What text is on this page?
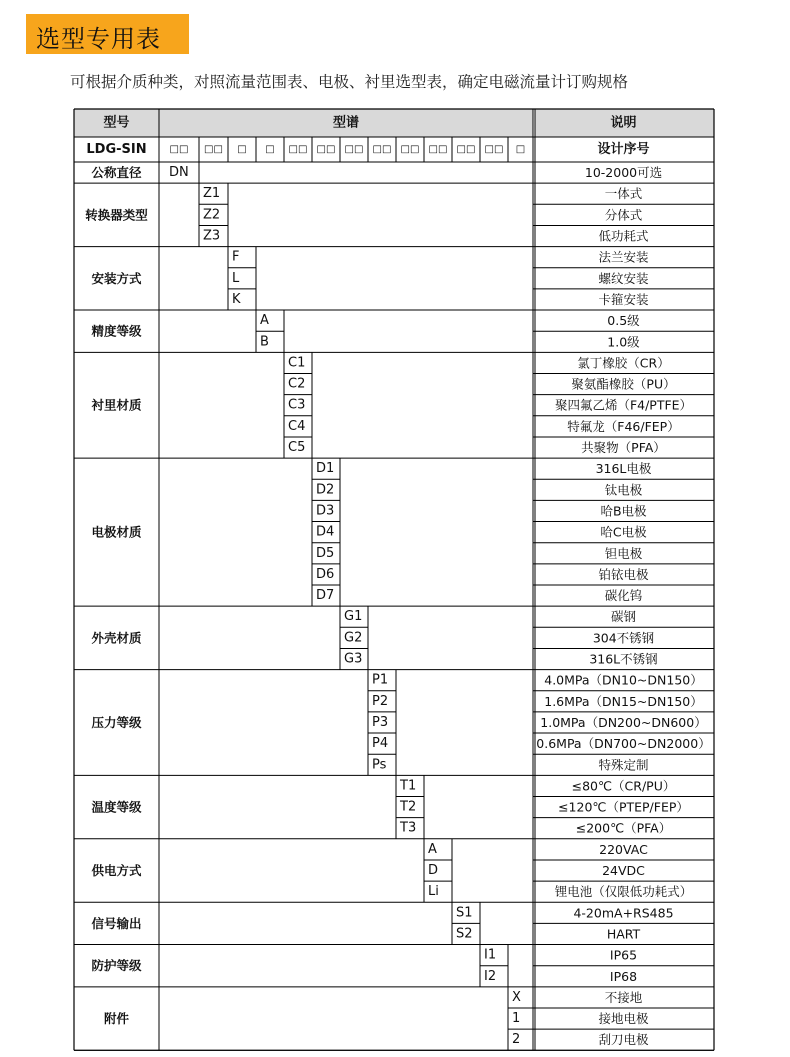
选型专用表
可根据介质种类，对照流量范围表、电极、衬里选型表，确定电磁流量计订购规格
型号	型谱	说明
LDG-SIN □□ □□ □ □ □□ □□ □□ □□ □□ □□ □□ □□ □	设计序号
公称直径 DN	10-2000可选
转换器类型
Z1	一体式
Z2	分体式
Z3	低功耗式
安装方式
F	法兰安装
L	螺纹安装
K	卡箍安装
精度等级
A	0.5级
B	1.0级
衬里材质
C1	氯丁橡胶（CR）
C2	聚氨酯橡胶（PU）
C3	聚四氟乙烯（F4/PTFE）
C4	特氟龙（F46/FEP）
C5	共聚物（PFA）
电极材质
D1	316L电极
D2	钛电极
D3	哈B电极
D4	哈C电极
D5	钽电极
D6	铂铱电极
D7	碳化钨
外壳材质
G1	碳钢
G2	304不锈钢
G3	316L不锈钢
压力等级
P1	4.0MPa（DN10~DN150）
P2	1.6MPa（DN15~DN150）
P3	1.0MPa（DN200~DN600）
P4	0.6MPa（DN700~DN2000）
Ps	特殊定制
温度等级
T1	≤80℃（CR/PU）
T2	≤120℃（PTEP/FEP）
T3	≤200℃（PFA）
供电方式
A	220VAC
D	24VDC
Li	锂电池（仅限低功耗式）
信号输出
S1	4-20mA+RS485
S2	HART
防护等级
I1	IP65
I2	IP68
附件
X	不接地
1	接地电极
2	刮刀电极
